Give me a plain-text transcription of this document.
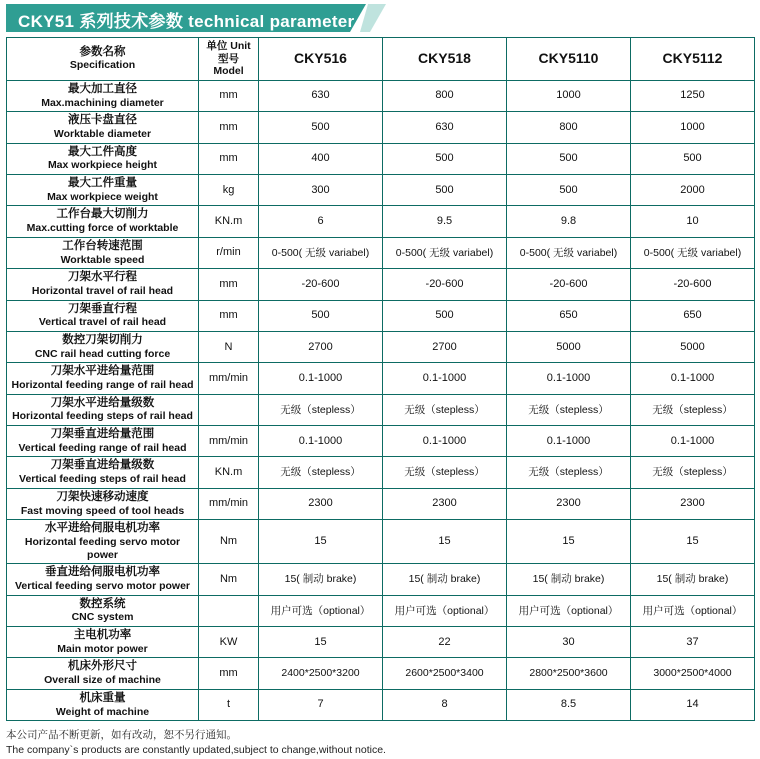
CKY51 系列技术参数 technical parameter
参数名称
Specification	单位 Unit
型号 Model	CKY516	CKY518	CKY5110	CKY5112

最大加工直径
Max.machining diameter	mm	630	800	1000	1250

液压卡盘直径
Worktable diameter	mm	500	630	800	1000

最大工件高度
Max workpiece height	mm	400	500	500	500

最大工件重量
Max workpiece weight	kg	300	500	500	2000

工作台最大切削力
Max.cutting force of worktable	KN.m	6	9.5	9.8	10

工作台转速范围
Worktable speed	r/min	0-500( 无级 variabel)	0-500( 无级 variabel)	0-500( 无级 variabel)	0-500( 无级 variabel)

刀架水平行程
Horizontal travel of rail head	mm	-20-600	-20-600	-20-600	-20-600

刀架垂直行程
Vertical travel of rail head	mm	500	500	650	650

数控刀架切削力
CNC rail head cutting force	N	2700	2700	5000	5000

刀架水平进给量范围
Horizontal feeding range of rail head	mm/min	0.1-1000	0.1-1000	0.1-1000	0.1-1000

刀架水平进给量级数
Horizontal feeding steps of rail head		无级（stepless）	无级（stepless）	无级（stepless）	无级（stepless）

刀架垂直进给量范围
Vertical feeding range of rail head	mm/min	0.1-1000	0.1-1000	0.1-1000	0.1-1000

刀架垂直进给量级数
Vertical feeding steps of rail head	KN.m	无级（stepless）	无级（stepless）	无级（stepless）	无级（stepless）

刀架快速移动速度
Fast moving speed of tool heads	mm/min	2300	2300	2300	2300

水平进给伺服电机功率
Horizontal feeding servo motor power	Nm	15	15	15	15

垂直进给伺服电机功率
Vertical feeding servo motor power	Nm	15( 制动 brake)	15( 制动 brake)	15( 制动 brake)	15( 制动 brake)

数控系统
CNC system		用户可选（optional）	用户可选（optional）	用户可选（optional）	用户可选（optional）

主电机功率
Main motor power	KW	15	22	30	37

机床外形尺寸
Overall size of machine	mm	2400*2500*3200	2600*2500*3400	2800*2500*3600	3000*2500*4000

机床重量
Weight of machine	t	7	8	8.5	14
本公司产品不断更新，如有改动，恕不另行通知。
The company`s products are constantly updated,subject to change,without notice.
